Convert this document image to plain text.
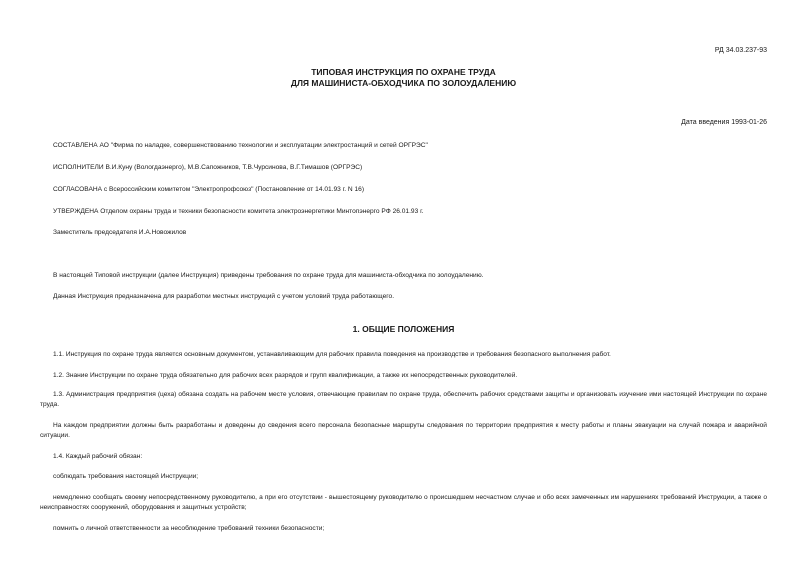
РД 34.03.237-93
ТИПОВАЯ ИНСТРУКЦИЯ ПО ОХРАНЕ ТРУДА
ДЛЯ МАШИНИСТА-ОБХОДЧИКА ПО ЗОЛОУДАЛЕНИЮ
Дата введения 1993-01-26
СОСТАВЛЕНА АО "Фирма по наладке, совершенствованию технологии и эксплуатации электростанций и сетей ОРГРЭС"
ИСПОЛНИТЕЛИ В.И.Куну (Вологдаэнерго), М.В.Сапожников, Т.В.Чурсинова, В.Г.Тимашов (ОРГРЭС)
СОГЛАСОВАНА с Всероссийским комитетом "Электропрофсоюз" (Постановление от 14.01.93 г. N 16)
УТВЕРЖДЕНА Отделом охраны труда и техники безопасности комитета электроэнергетики Минтопэнерго РФ 26.01.93 г.
Заместитель председателя И.А.Новожилов
В настоящей Типовой инструкции (далее Инструкция) приведены требования по охране труда для машиниста-обходчика по золоудалению.
Данная Инструкция предназначена для разработки местных инструкций с учетом условий труда работающего.
1. ОБЩИЕ ПОЛОЖЕНИЯ
1.1. Инструкция по охране труда является основным документом, устанавливающим для рабочих правила поведения на производстве и требования безопасного выполнения работ.
1.2. Знание Инструкции по охране труда обязательно для рабочих всех разрядов и групп квалификации, а также их непосредственных руководителей.
1.3. Администрация предприятия (цеха) обязана создать на рабочем месте условия, отвечающие правилам по охране труда, обеспечить рабочих средствами защиты и организовать изучение ими настоящей Инструкции по охране труда.
На каждом предприятии должны быть разработаны и доведены до сведения всего персонала безопасные маршруты следования по территории предприятия к месту работы и планы эвакуации на случай пожара и аварийной ситуации.
1.4. Каждый рабочий обязан:
соблюдать требования настоящей Инструкции;
немедленно сообщать своему непосредственному руководителю, а при его отсутствии - вышестоящему руководителю о происшедшем несчастном случае и обо всех замеченных им нарушениях требований Инструкции, а также о неисправностях сооружений, оборудования и защитных устройств;
помнить о личной ответственности за несоблюдение требований техники безопасности;
